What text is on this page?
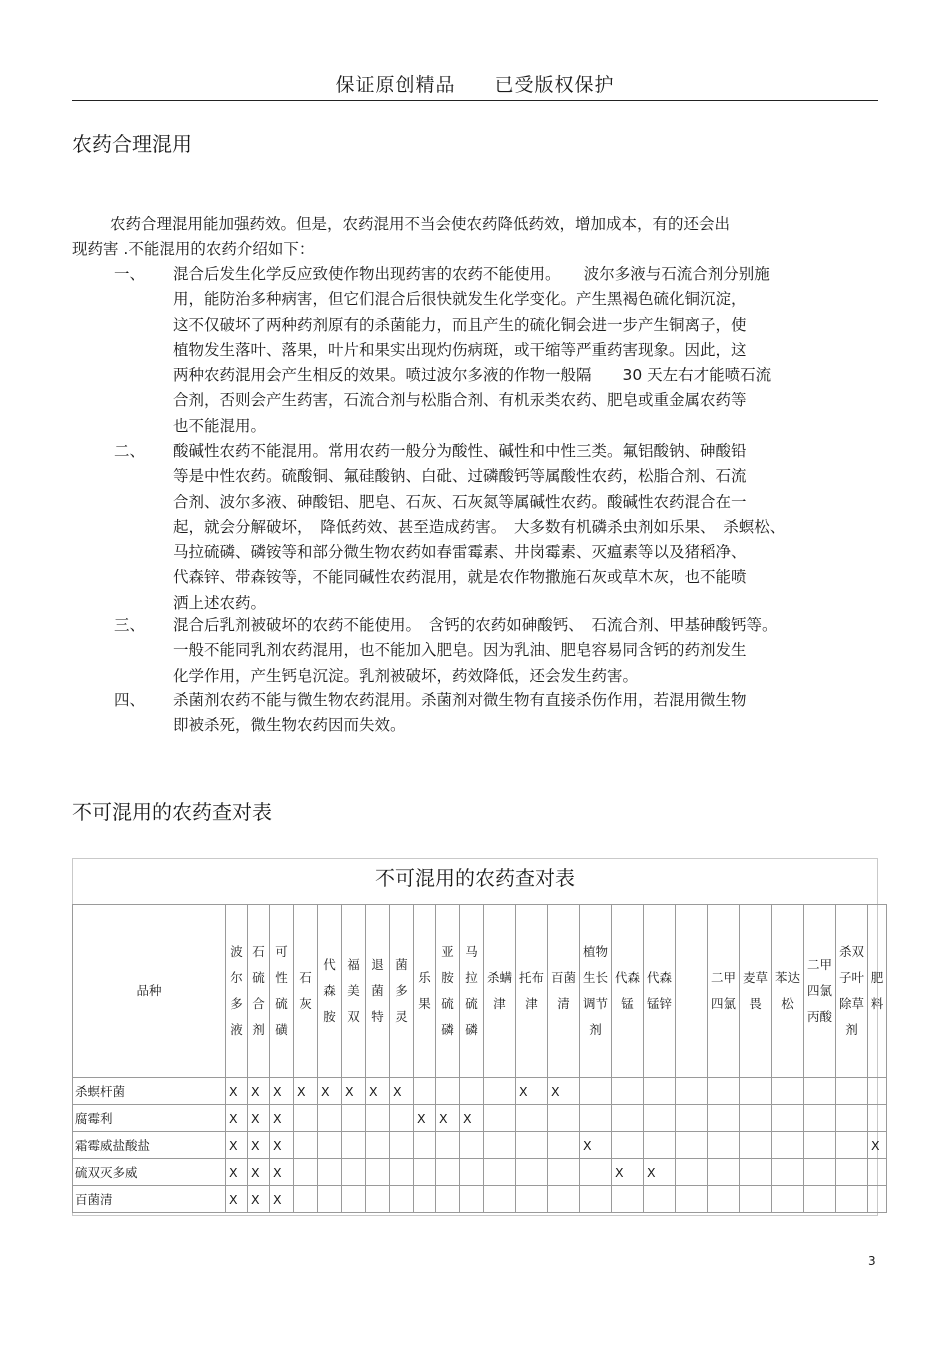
保证原创精品 已受版权保护
农药合理混用
农药合理混用能加强药效。但是，农药混用不当会使农药降低药效，增加成本，有的还会出
现药害 .不能混用的农药介绍如下：
一、 混合后发生化学反应致使作物出现药害的农药不能使用。　　波尔多液与石流合剂分别施
用，能防治多种病害，但它们混合后很快就发生化学变化。产生黑褐色硫化铜沉淀，
这不仅破坏了两种药剂原有的杀菌能力，而且产生的硫化铜会进一步产生铜离子，使
植物发生落叶、落果，叶片和果实出现灼伤病斑，或干缩等严重药害现象。因此，这
两种农药混用会产生相反的效果。喷过波尔多液的作物一般隔　　30 天左右才能喷石流
合剂，否则会产生药害，石流合剂与松脂合剂、有机汞类农药、肥皂或重金属农药等
也不能混用。
二、 酸碱性农药不能混用。常用农药一般分为酸性、碱性和中性三类。氟铝酸钠、砷酸铅
等是中性农药。硫酸铜、氟硅酸钠、白砒、过磷酸钙等属酸性农药，松脂合剂、石流
合剂、波尔多液、砷酸铝、肥皂、石灰、石灰氮等属碱性农药。酸碱性农药混合在一
起，就会分解破坏，　降低药效、甚至造成药害。　大多数有机磷杀虫剂如乐果、　杀螟松、
马拉硫磷、磷铵等和部分微生物农药如春雷霉素、井岗霉素、灭瘟素等以及猪稻净、
代森锌、带森铵等，不能同碱性农药混用，就是农作物撒施石灰或草木灰，也不能喷
洒上述农药。
三、 混合后乳剂被破坏的农药不能使用。　含钙的农药如砷酸钙、　石流合剂、甲基砷酸钙等。
一般不能同乳剂农药混用，也不能加入肥皂。因为乳油、肥皂容易同含钙的药剂发生
化学作用，产生钙皂沉淀。乳剂被破坏，药效降低，还会发生药害。
四、 杀菌剂农药不能与微生物农药混用。杀菌剂对微生物有直接杀伤作用，若混用微生物
即被杀死，微生物农药因而失效。
不可混用的农药查对表
不可混用的农药查对表
品种	波尔多液	石硫合剂	可性硫磺	石灰	代森胺	福美双	退菌特	菌多灵	乐果	亚胺硫磷	马拉硫磷	杀螨津	托布津	百菌清	植物生长调节剂	代森锰	代森锰锌		二甲四氯	麦草畏	苯达松	二甲四氯丙酸	杀双子叶除草剂	肥料

杀螟杆菌	X	X	X	X	X	X	X	X					X	X										
腐霉利	X	X	X						X	X	X													
霜霉威盐酸盐	X	X	X												X									X
硫双灭多威	X	X	X													X	X							
百菌清	X	X	X																					
3
